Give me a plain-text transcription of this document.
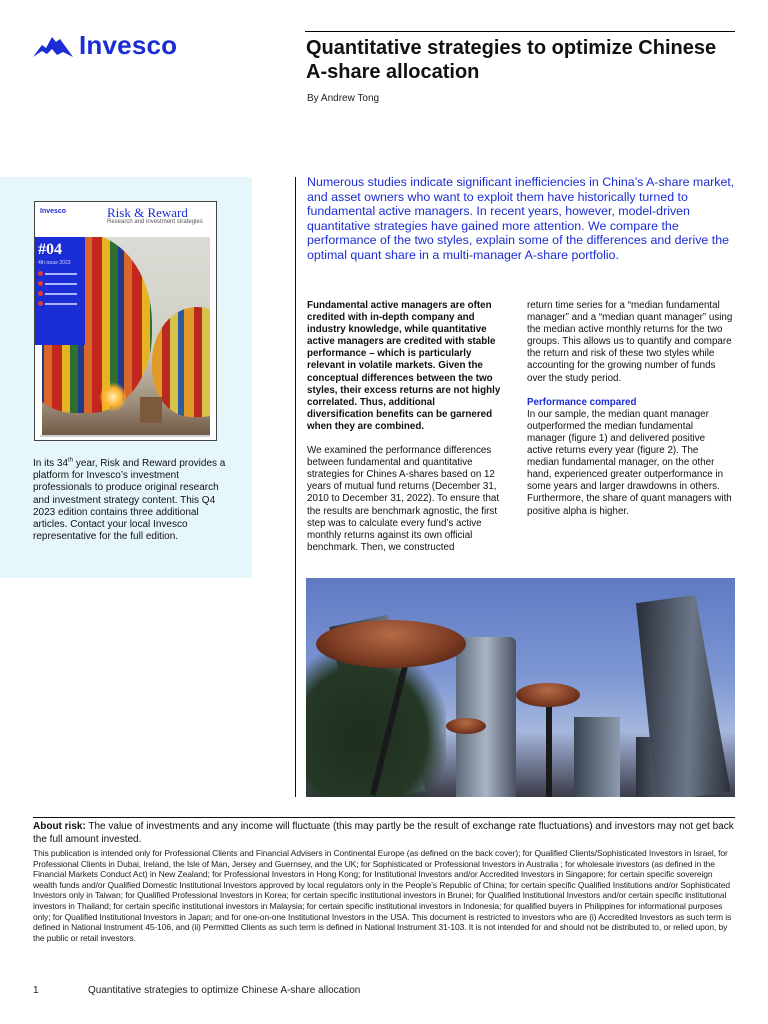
Invesco	Quantitative strategies to optimize Chinese A-share allocation
By Andrew Tong
Invesco	Risk & Reward
Research and investment strategies
#04
4th issue 2023

In its 34th year, Risk and Reward provides a platform for Invesco’s investment professionals to produce original research and investment strategy content. This Q4 2023 edition contains three additional articles. Contact your local Invesco representative for the full edition.

Numerous studies indicate significant inefficiencies in China’s A-share market, and asset owners who want to exploit them have historically turned to fundamental active managers. In recent years, however, model-driven quantitative strategies have gained more attention. We compare the performance of the two styles, explain some of the differences and derive the optimal quant share in a multi-manager A-share portfolio.

Fundamental active managers are often credited with in-depth company and industry knowledge, while quantitative active managers are credited with stable performance – which is particularly relevant in volatile markets. Given the conceptual differences between the two styles, their excess returns are not highly correlated. Thus, additional diversification benefits can be garnered when they are combined.

We examined the performance differences between fundamental and quantitative strategies for Chines A-shares based on 12 years of mutual fund returns (December 31, 2010 to December 31, 2022). To ensure that the results are benchmark agnostic, the first step was to calculate every fund’s active monthly returns against its own official benchmark. Then, we constructed

return time series for a “median fundamental manager” and a “median quant manager” using the median active monthly returns for the two groups. This allows us to quantify and compare the return and risk of these two styles while accounting for the growing number of funds over the study period.

Performance compared

In our sample, the median quant manager outperformed the median fundamental manager (figure 1) and delivered positive active returns every year (figure 2). The median fundamental manager, on the other hand, experienced greater outperformance in some years and larger drawdowns in others. Furthermore, the share of quant managers with positive alpha is higher.

About risk: The value of investments and any income will fluctuate (this may partly be the result of exchange rate fluctuations) and investors may not get back the full amount invested.

This publication is intended only for Professional Clients and Financial Advisers in Continental Europe (as defined on the back cover); for Qualified Clients/Sophisticated Investors in Israel, for Professional Clients in Dubai, Ireland, the Isle of Man, Jersey and Guernsey, and the UK; for Sophisticated or Professional Investors in Australia ; for wholesale investors (as defined in the Financial Markets Conduct Act) in New Zealand; for Professional Investors in Hong Kong; for Institutional Investors and/or Accredited Investors in Singapore; for certain specific sovereign wealth funds and/or Qualified Domestic Institutional Investors approved by local regulators only in the People’s Republic of China; for certain specific Qualified Institutions and/or Sophisticated Investors only in Taiwan; for Qualified Professional Investors in Korea; for certain specific institutional investors in Brunei; for Qualified Institutional Investors and/or certain specific institutional investors in Thailand; for certain specific institutional investors in Malaysia; for certain specific institutional investors in Indonesia; for qualified buyers in Philippines for informational purposes only; for Qualified Institutional Investors in Japan; and for one-on-one Institutional Investors in the USA. This document is restricted to investors who are (i) Accredited Investors as such term is defined in National Instrument 45-106, and (ii) Permitted Clients as such term is defined in National Instrument 31-103. It is not intended for and should not be distributed to, or relied upon, by the public or retail investors.

1	Quantitative strategies to optimize Chinese A-share allocation
